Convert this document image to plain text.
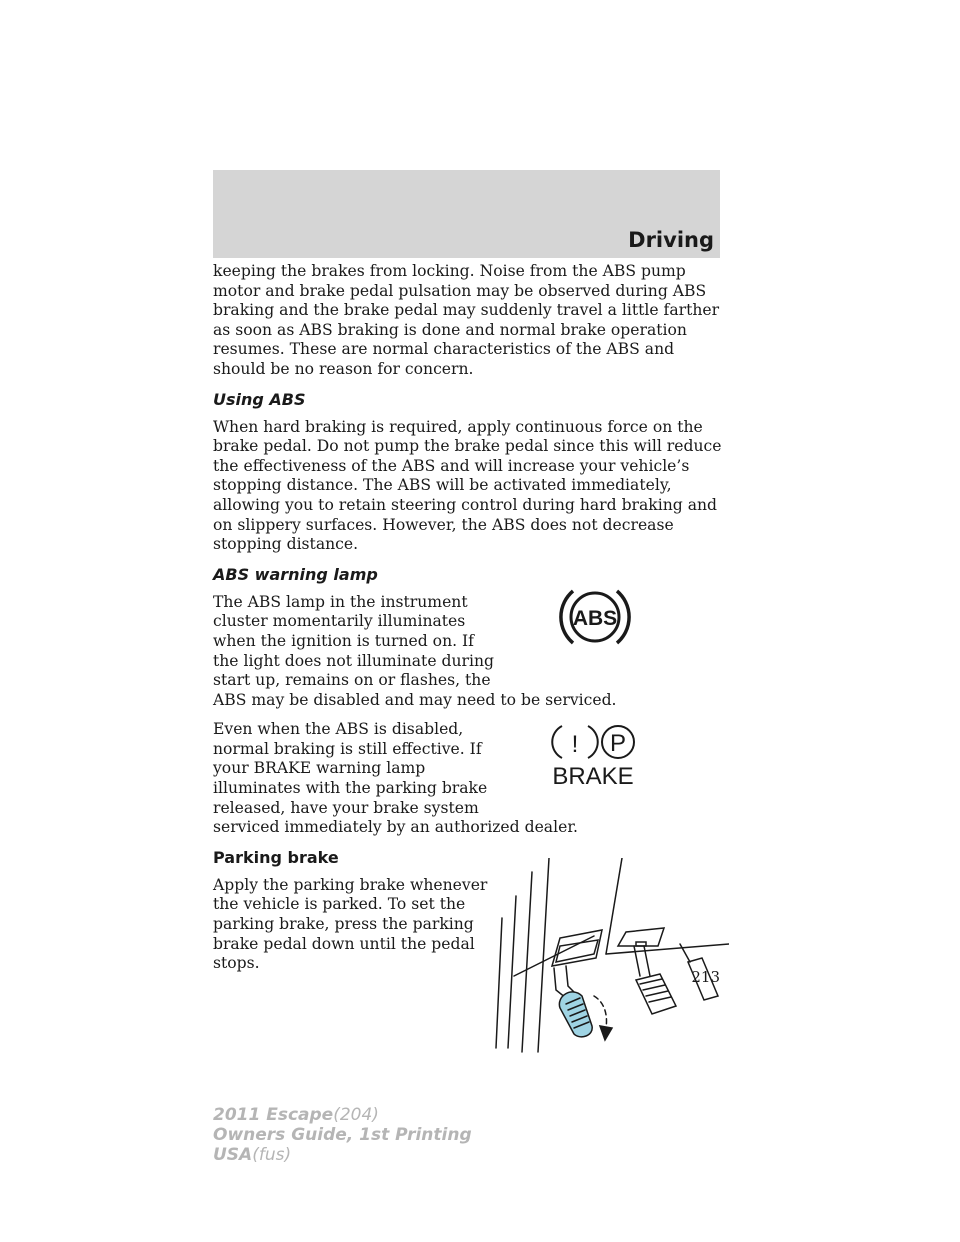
Driving

keeping the brakes from locking. Noise from the ABS pump motor and brake pedal pulsation may be observed during ABS braking and the brake pedal may suddenly travel a little farther as soon as ABS braking is done and normal brake operation resumes. These are normal characteristics of the ABS and should be no reason for concern.

Using ABS

When hard braking is required, apply continuous force on the brake pedal. Do not pump the brake pedal since this will reduce the effectiveness of the ABS and will increase your vehicle’s stopping distance. The ABS will be activated immediately, allowing you to retain steering control during hard braking and on slippery surfaces. However, the ABS does not decrease stopping distance.

ABS warning lamp

The ABS lamp in the instrument
cluster momentarily illuminates
when the ignition is turned on. If
the light does not illuminate during
start up, remains on or flashes, the
ABS may be disabled and may need to be serviced.

ABS

Even when the ABS is disabled,
normal braking is still effective. If
your BRAKE warning lamp
illuminates with the parking brake
released, have your brake system
serviced immediately by an authorized dealer.

! P
BRAKE
Parking brake

Apply the parking brake whenever
the vehicle is parked. To set the
parking brake, press the parking
brake pedal down until the pedal
stops.

213

2011 Escape(204)
Owners Guide, 1st Printing
USA(fus)
